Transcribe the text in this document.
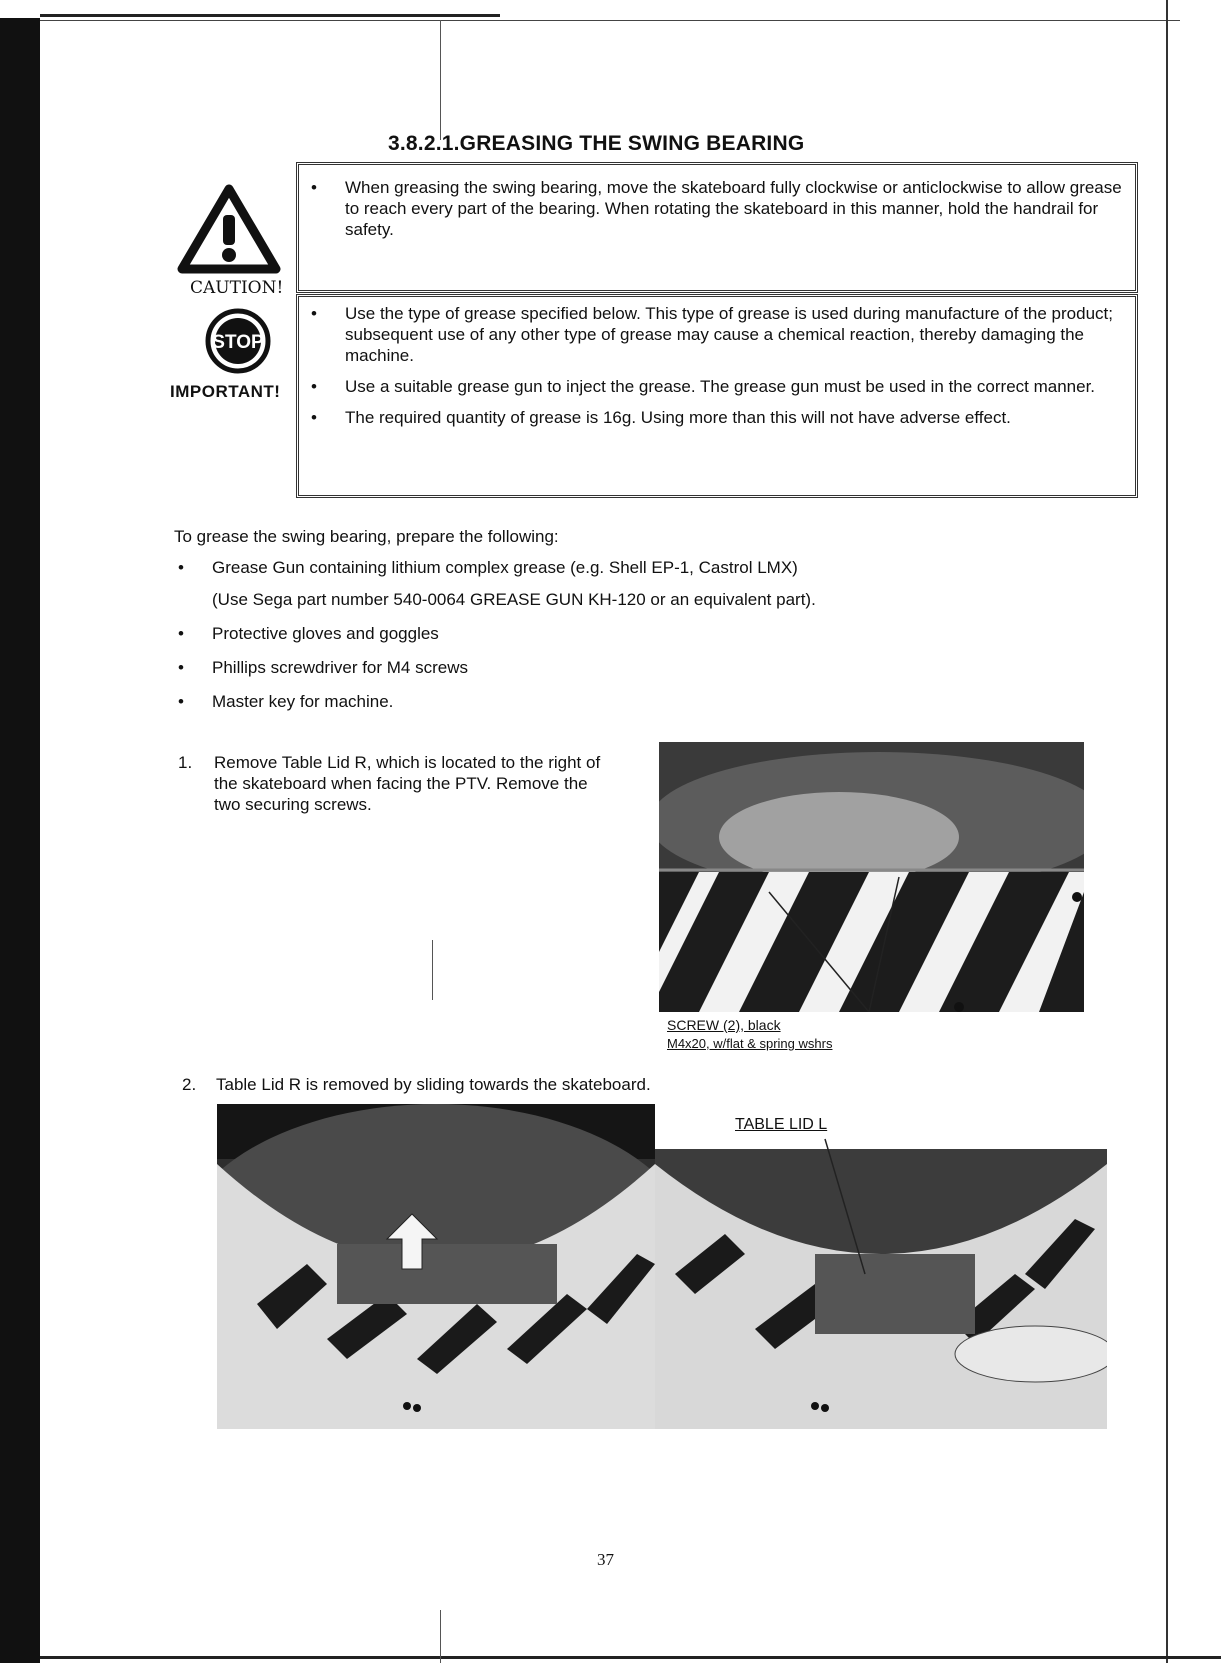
3.8.2.1.GREASING THE SWING BEARING
CAUTION!
STOP
IMPORTANT!
• When greasing the swing bearing, move the skateboard fully clockwise or anticlockwise to allow grease to reach every part of the bearing. When rotating the skateboard in this manner, hold the handrail for safety.
• Use the type of grease specified below. This type of grease is used during manufacture of the product; subsequent use of any other type of grease may cause a chemical reaction, thereby damaging the machine.
• Use a suitable grease gun to inject the grease. The grease gun must be used in the correct manner.
• The required quantity of grease is 16g. Using more than this will not have adverse effect.
To grease the swing bearing, prepare the following:
• Grease Gun containing lithium complex grease (e.g. Shell EP-1, Castrol LMX)
(Use Sega part number 540-0064 GREASE GUN KH-120 or an equivalent part).
• Protective gloves and goggles
• Phillips screwdriver for M4 screws
• Master key for machine.
1. Remove Table Lid R, which is located to the right of the skateboard when facing the PTV. Remove the two securing screws.
SCREW (2), black
M4x20, w/flat & spring wshrs
2. Table Lid R is removed by sliding towards the skateboard.
TABLE LID L
37
